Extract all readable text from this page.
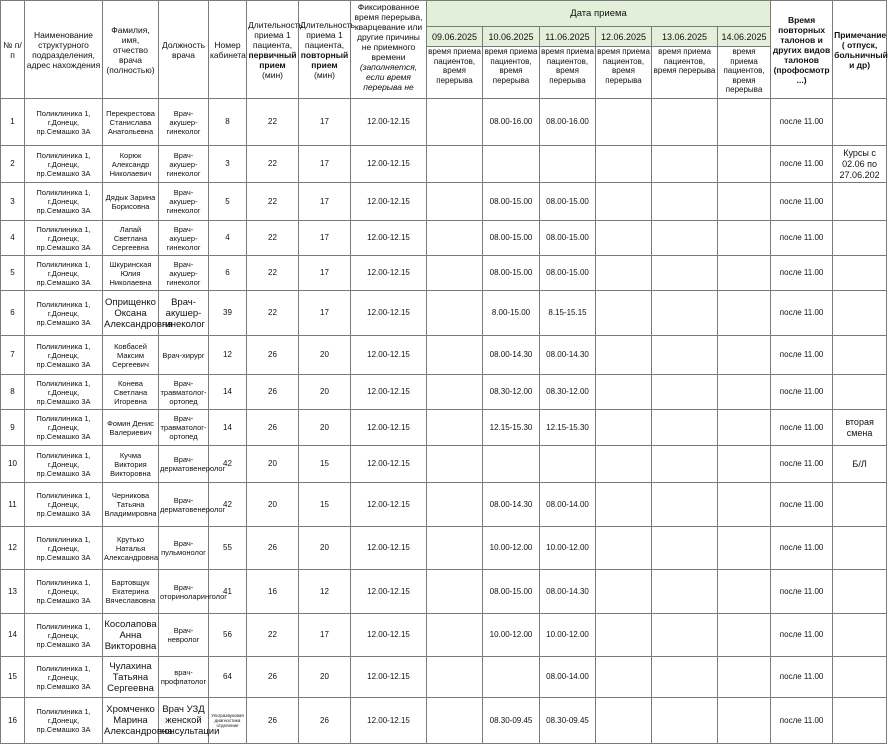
№ п/п	Наименование структурного подразделения, адрес нахождения	Фамилия, имя, отчество врача (полностью)	Должность врача	Номер кабинета	Длительность приема 1 пациента,
первичный прием
(мин)	Длительность приема 1 пациента,
повторный прием
(мин)	Фиксированное время перерыва, кварцевание или другие причины не приемного времени (заполняется, если время перерыва не	Дата приема						Время повторных талонов и других видов талонов (профосмотр ...)	Примечание ( отпуск, больничный и др)
								09.06.2025	10.06.2025	11.06.2025	12.06.2025	13.06.2025	14.06.2025		

								время приема пациентов, время перерыва	время приема пациентов, время перерыва	время приема пациентов, время перерыва	время приема пациентов, время перерыва	время приема пациентов, время перерыва	время приема пациентов, время перерыва		

1	Поликлиника 1, г.Донецк, пр.Семашко 3А	Перекрестова Станислава Анатольевна	Врач-акушер-гинеколог	8	22	17	12.00-12.15		08.00-16.00	08.00-16.00				после 11.00	

2	Поликлиника 1, г.Донецк, пр.Семашко 3А	Корюк Александр Николаевич	Врач-акушер-гинеколог	3	22	17	12.00-12.15							после 11.00	Курсы с 02.06 по 27.06.202

3	Поликлиника 1, г.Донецк, пр.Семашко 3А	Дядык Зарина Борисовна	Врач-акушер-гинеколог	5	22	17	12.00-12.15		08.00-15.00	08.00-15.00				после 11.00	

4	Поликлиника 1, г.Донецк, пр.Семашко 3А	Лапай Светлана Сергеевна	Врач-акушер-гинеколог	4	22	17	12.00-12.15		08.00-15.00	08.00-15.00				после 11.00	

5	Поликлиника 1, г.Донецк, пр.Семашко 3А	Шкуринская Юлия Николаевна	Врач-акушер-гинеколог	6	22	17	12.00-12.15		08.00-15.00	08.00-15.00				после 11.00	

6	Поликлиника 1, г.Донецк, пр.Семашко 3А	Оприщенко Оксана Александровна	Врач-акушер-гинеколог	39	22	17	12.00-12.15		8.00-15.00	8.15-15.15				после 11.00	

7	Поликлиника 1, г.Донецк, пр.Семашко 3А	Ковбасей Максим Сергеевич	Врач-хирург	12	26	20	12.00-12.15		08.00-14.30	08.00-14.30				после 11.00	

8	Поликлиника 1, г.Донецк, пр.Семашко 3А	Конева Светлана Игоревна	Врач-травматолог-ортопед	14	26	20	12.00-12.15		08.30-12.00	08.30-12.00				после 11.00	

9	Поликлиника 1, г.Донецк, пр.Семашко 3А	Фомин Денис Валериевич	Врач-травматолог-ортопед	14	26	20	12.00-12.15		12.15-15.30	12.15-15.30				после 11.00	вторая смена

10	Поликлиника 1, г.Донецк, пр.Семашко 3А	Кучма Виктория Викторовна	Врач-дерматовенеролог	42	20	15	12.00-12.15							после 11.00	Б/Л

11	Поликлиника 1, г.Донецк, пр.Семашко 3А	Черникова Татьяна Владимировна	Врач-дерматовенеролог	42	20	15	12.00-12.15		08.00-14.30	08.00-14.00				после 11.00	

12	Поликлиника 1, г.Донецк, пр.Семашко 3А	Крутько Наталья Александровна	Врач-пульмонолог	55	26	20	12.00-12.15		10.00-12.00	10.00-12.00				после 11.00	

13	Поликлиника 1, г.Донецк, пр.Семашко 3А	Бартовщук Екатерина Вячеславовна	Врач-оториноларинголог	41	16	12	12.00-12.15		08.00-15.00	08.00-14.30				после 11.00	

14	Поликлиника 1, г.Донецк, пр.Семашко 3А	Косолапова Анна Викторовна	Врач-невролог	56	22	17	12.00-12.15		10.00-12.00	10.00-12.00				после 11.00	

15	Поликлиника 1, г.Донецк, пр.Семашко 3А	Чулахина Татьяна Сергеевна	врач-профпатолог	64	26	20	12.00-12.15			08.00-14.00				после 11.00	

16	Поликлиника 1, г.Донецк, пр.Семашко 3А	Хромченко Марина Александровна	Врач УЗД женской консультации	Ультразвуковая диагностика отделение	26	26	12.00-12.15		08.30-09.45	08.30-09.45				после 11.00	
